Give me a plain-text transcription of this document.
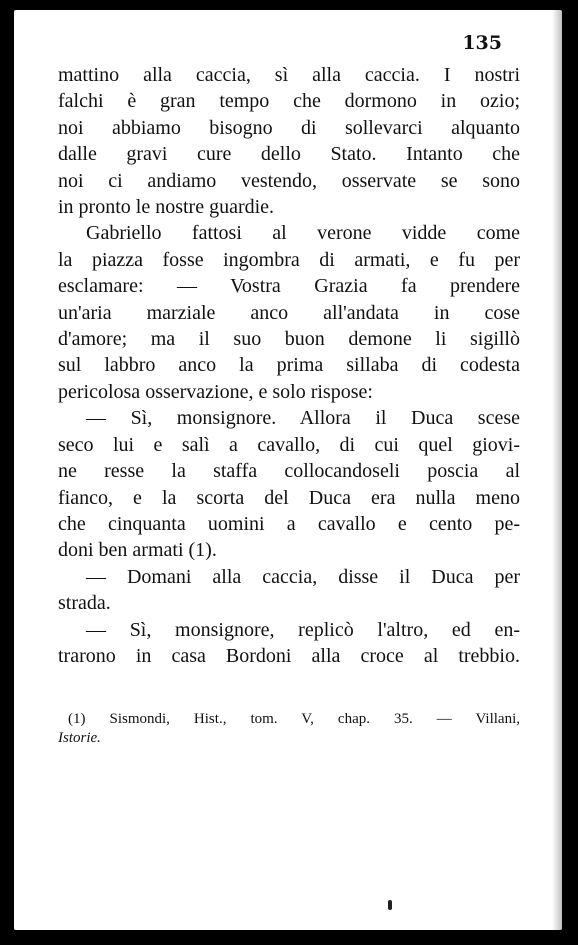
135
mattino alla caccia, sì alla caccia. I nostri
falchi è gran tempo che dormono in ozio;
noi abbiamo bisogno di sollevarci alquanto
dalle gravi cure dello Stato. Intanto che
noi ci andiamo vestendo, osservate se sono
in pronto le nostre guardie.
Gabriello fattosi al verone vidde come
la piazza fosse ingombra di armati, e fu per
esclamare: — Vostra Grazia fa prendere
un'aria marziale anco all'andata in cose
d'amore; ma il suo buon demone li sigillò
sul labbro anco la prima sillaba di codesta
pericolosa osservazione, e solo rispose:
— Sì, monsignore. Allora il Duca scese
seco lui e salì a cavallo, di cui quel giovi-
ne resse la staffa collocandoseli poscia al
fianco, e la scorta del Duca era nulla meno
che cinquanta uomini a cavallo e cento pe-
doni ben armati (1).
— Domani alla caccia, disse il Duca per
strada.
— Sì, monsignore, replicò l'altro, ed en-
trarono in casa Bordoni alla croce al trebbio.
(1) Sismondi, Hist., tom. V, chap. 35. — Villani,
Istorie.
